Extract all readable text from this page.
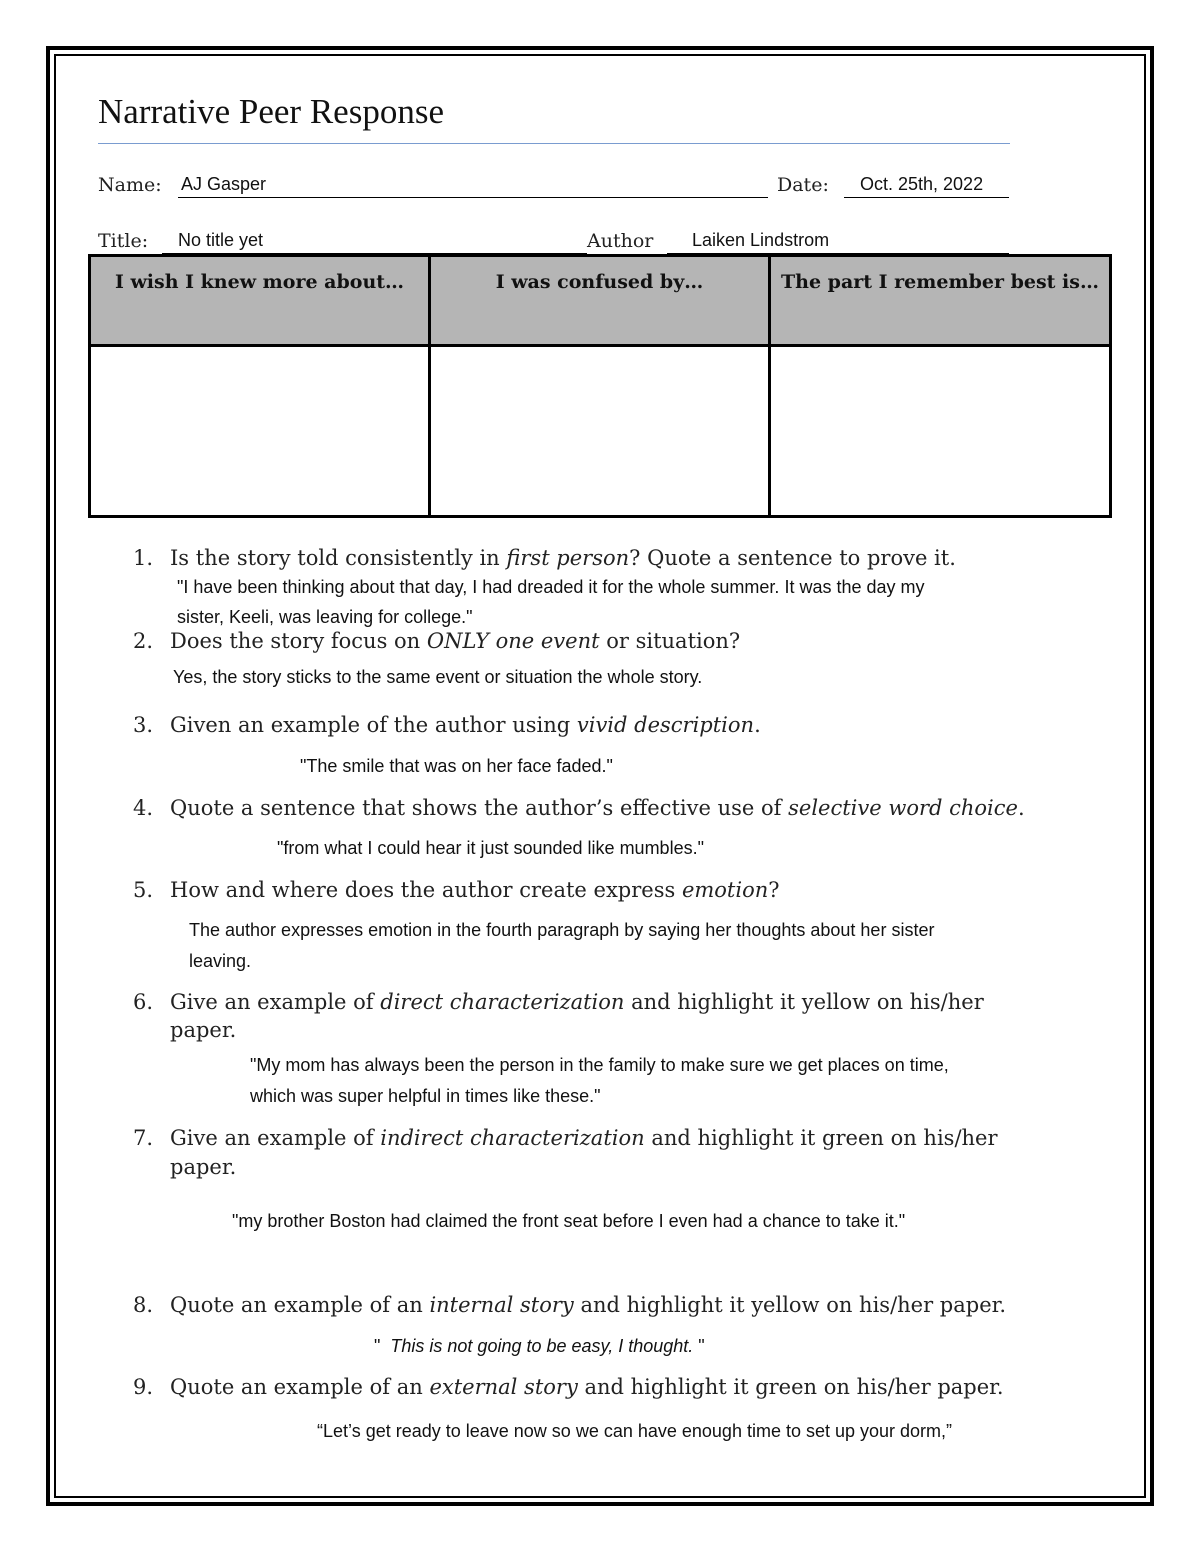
Narrative Peer Response
Name: AJ Gasper	Date: Oct. 25th, 2022
Title: No title yet	Author Laiken Lindstrom
I wish I knew more about…	I was confused by…	The part I remember best is…

1. Is the story told consistently in first person? Quote a sentence to prove it.
"I have been thinking about that day, I had dreaded it for the whole summer. It was the day my
sister, Keeli, was leaving for college."
2. Does the story focus on ONLY one event or situation?
Yes, the story sticks to the same event or situation the whole story.
3. Given an example of the author using vivid description.
"The smile that was on her face faded."
4. Quote a sentence that shows the author’s effective use of selective word choice.
"from what I could hear it just sounded like mumbles."
5. How and where does the author create express emotion?
The author expresses emotion in the fourth paragraph by saying her thoughts about her sister
leaving.
6. Give an example of direct characterization and highlight it yellow on his/her
paper.
"My mom has always been the person in the family to make sure we get places on time,
which was super helpful in times like these."
7. Give an example of indirect characterization and highlight it green on his/her
paper.
"my brother Boston had claimed the front seat before I even had a chance to take it."
8. Quote an example of an internal story and highlight it yellow on his/her paper.
" This is not going to be easy, I thought. "
9. Quote an example of an external story and highlight it green on his/her paper.
“Let’s get ready to leave now so we can have enough time to set up your dorm,”
